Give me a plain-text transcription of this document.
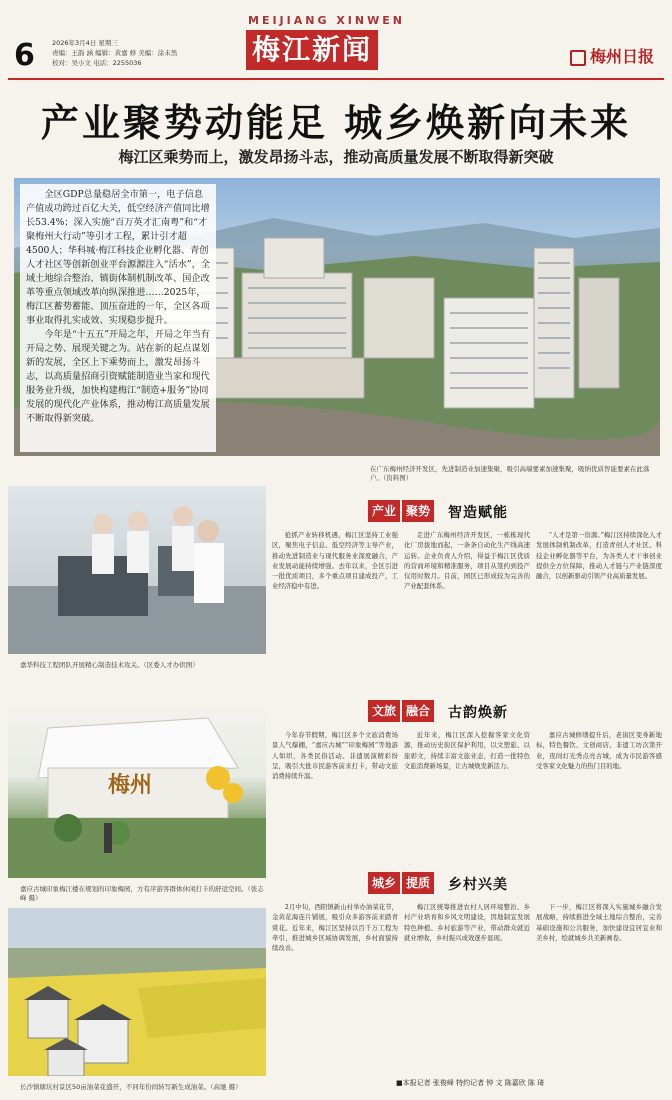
6	2026年3月4日 星期三
责编：王韵 涵 编辑：黄嘉 修 美编：涂未然
校对：吴小文 电话：2255036
MEIJIANG XINWEN
梅江新闻	梅州日报
产业聚势动能足 城乡焕新向未来
梅江区乘势而上，激发昂扬斗志，推动高质量发展不断取得新突破

全区GDP总量稳居全市第一，电子信息产值成功跨过百亿大关，低空经济产值同比增长53.4%；深入实施“百万英才汇南粤”和“才聚梅州大行动”等引才工程，累计引才超4500人；华科城·梅江科技企业孵化器、青创人才社区等创新创业平台源源注入“活水”，全域土地综合整治、镇街体制机制改革、国企改革等重点领域改革向纵深推进……2025年，梅江区蓄势蓄能、顶压奋进的一年，全区各项事业取得扎实成效、实现稳步提升。

今年是“十五五”开局之年，开局之年当有开局之势、展现关键之为。站在新的起点谋划新的发展，全区上下乘势而上，激发昂扬斗志，以高质量招商引资赋能制造业当家和现代服务业升级，加快构建梅江“制造+服务”协同发展的现代化产业体系，推动梅江高质量发展不断取得新突破。

在广东梅州经济开发区，先进制造业加速集聚，吸引高端要素加速集聚，吸纳优质智能要素在此落户。（资料图）
嘉华科技工程团队开展精心制造技术攻关。（区委人才办供图）
梅州
嘉应古城印象梅江楼在规划的印象梅园，方有序游客群体休闲打卡的舒适空间。（张志峰 摄）
长沙镇塘坑村景区50亩油菜花盛开，不同年份间转写新生成油菜。（高驰 摄）
产业 聚势 智造赋能

抢抓产业转移机遇，梅江区坚持工业强区，聚焦电子信息、低空经济等主导产业，推动先进制造业与现代服务业深度融合，产业发展动能持续增强。去年以来，全区引进一批优质项目，多个重点项目建成投产，工业经济稳中有进。

走进广东梅州经济开发区，一栋栋现代化厂房拔地而起，一条条自动化生产线高速运转。企业负责人介绍，得益于梅江区优质的营商环境和精准服务，项目从签约到投产仅用时数月。目前，园区已形成较为完善的产业配套体系。

“人才是第一资源。”梅江区持续深化人才发展体制机制改革，打造青创人才社区、科技企业孵化器等平台，为各类人才干事创业提供全方位保障，推动人才链与产业链深度融合，以创新驱动引领产业高质量发展。

文旅 融合 古韵焕新

今年春节假期，梅江区多个文旅消费场景人气爆棚，“嘉应古城”“印象梅园”等地游人如织，各类民俗活动、非遗展演精彩纷呈，吸引大批市民游客前来打卡，带动文旅消费持续升温。

近年来，梅江区深入挖掘客家文化资源，推动历史街区保护利用，以文塑旅、以旅彰文，持续丰富文旅业态，打造一批特色文旅消费新场景，让古城焕发新活力。

嘉应古城修缮提升后，老街区变身新地标，特色餐饮、文创商店、非遗工坊次第开业，夜间灯光秀点亮古城，成为市民游客感受客家文化魅力的热门目的地。

城乡 提质 乡村兴美

2月中旬，西阳镇新山村举办油菜花节，金黄花海连片铺展，吸引众多游客前来踏青赏花。近年来，梅江区坚持以百千万工程为牵引，推进城乡区域协调发展，乡村面貌持续改善。

梅江区统筹推进农村人居环境整治、乡村产业培育和乡风文明建设，因地制宜发展特色种植、乡村旅游等产业，带动群众就近就业增收，乡村振兴成效逐步显现。

下一步，梅江区将深入实施城乡融合发展战略，持续推进全域土地综合整治，完善基础设施和公共服务，加快建设宜居宜业和美乡村，绘就城乡共美新画卷。

■本报记者 张俊峰 特约记者 钟 文 陈嘉欣 陈 琦
